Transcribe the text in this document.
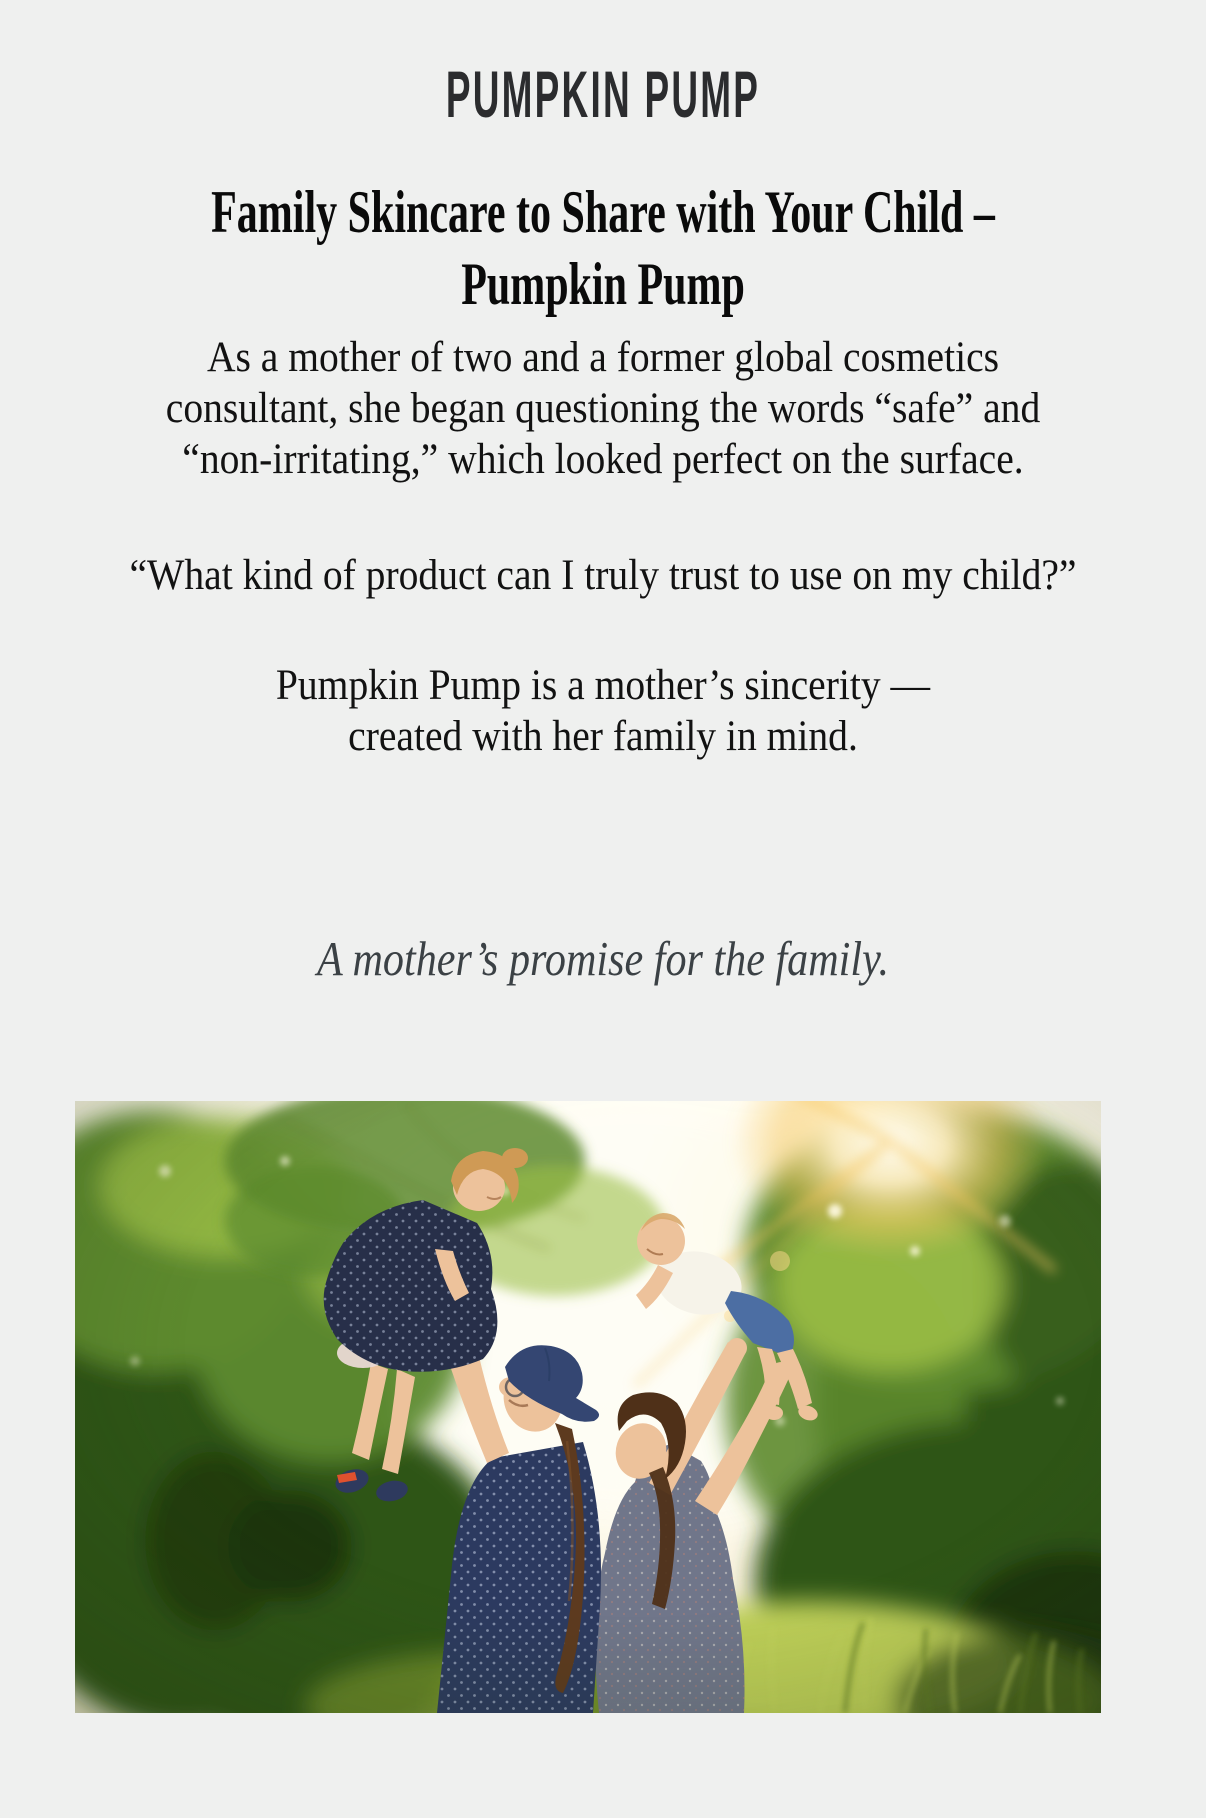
PUMPKIN PUMP
Family Skincare to Share with Your Child –
Pumpkin Pump
As a mother of two and a former global cosmetics
consultant, she began questioning the words “safe” and
“non-irritating,” which looked perfect on the surface.
“What kind of product can I truly trust to use on my child?”
Pumpkin Pump is a mother’s sincerity —
created with her family in mind.
A mother’s promise for the family.
